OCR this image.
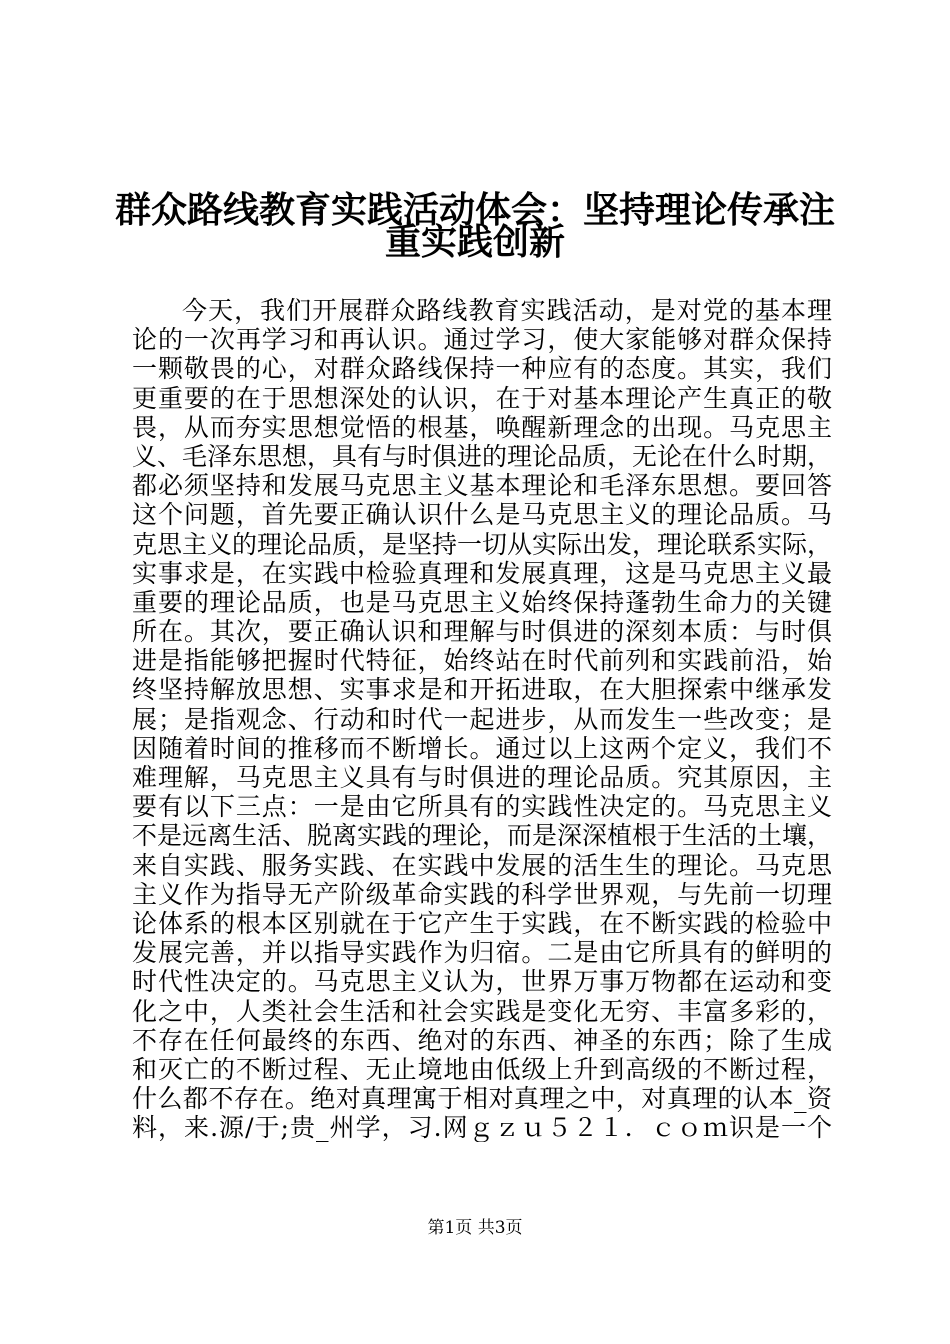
群众路线教育实践活动体会：坚持理论传承注
重实践创新
今天，我们开展群众路线教育实践活动，是对党的基本理
论的一次再学习和再认识。通过学习，使大家能够对群众保持
一颗敬畏的心，对群众路线保持一种应有的态度。其实，我们
更重要的在于思想深处的认识，在于对基本理论产生真正的敬
畏，从而夯实思想觉悟的根基，唤醒新理念的出现。马克思主
义、毛泽东思想，具有与时俱进的理论品质，无论在什么时期，
都必须坚持和发展马克思主义基本理论和毛泽东思想。要回答
这个问题，首先要正确认识什么是马克思主义的理论品质。马
克思主义的理论品质，是坚持一切从实际出发，理论联系实际，
实事求是，在实践中检验真理和发展真理，这是马克思主义最
重要的理论品质，也是马克思主义始终保持蓬勃生命力的关键
所在。其次，要正确认识和理解与时俱进的深刻本质：与时俱
进是指能够把握时代特征，始终站在时代前列和实践前沿，始
终坚持解放思想、实事求是和开拓进取，在大胆探索中继承发
展；是指观念、行动和时代一起进步，从而发生一些改变；是
因随着时间的推移而不断增长。通过以上这两个定义，我们不
难理解，马克思主义具有与时俱进的理论品质。究其原因，主
要有以下三点：一是由它所具有的实践性决定的。马克思主义
不是远离生活、脱离实践的理论，而是深深植根于生活的土壤，
来自实践、服务实践、在实践中发展的活生生的理论。马克思
主义作为指导无产阶级革命实践的科学世界观，与先前一切理
论体系的根本区别就在于它产生于实践，在不断实践的检验中
发展完善，并以指导实践作为归宿。二是由它所具有的鲜明的
时代性决定的。马克思主义认为，世界万事万物都在运动和变
化之中，人类社会生活和社会实践是变化无穷、丰富多彩的，
不存在任何最终的东西、绝对的东西、神圣的东西；除了生成
和灭亡的不断过程、无止境地由低级上升到高级的不断过程，
什么都不存在。绝对真理寓于相对真理之中，对真理的认本_资
料，来.源/于;贵_州学，习.网ｇｚｕ５２１．ｃｏｍ识是一个
第1页 共3页
